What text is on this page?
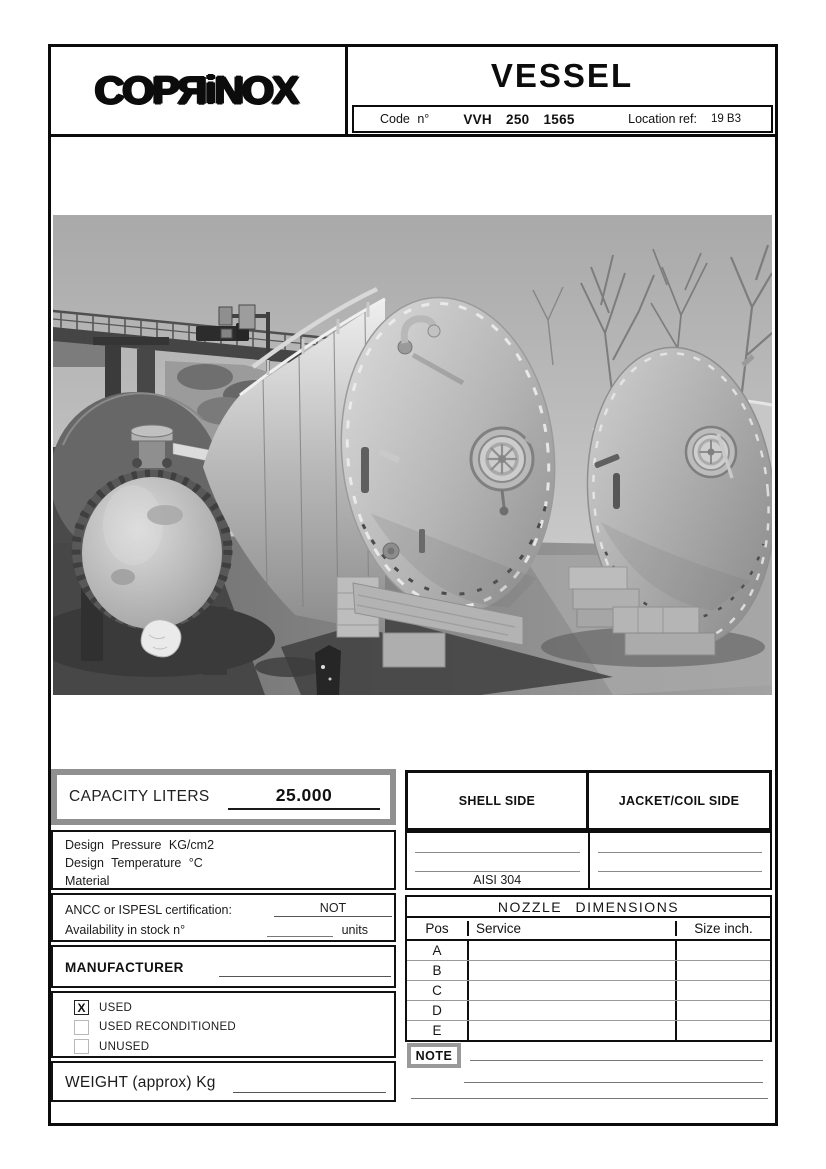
COPЯiNOX	VESSEL
Code n°	VVH 250 1565	Location ref: 19 B3
CAPACITY LITERS	25.000
Design Pressure KG/cm2
Design Temperature °C
Material
ANCC or ISPESL certification:	NOT
Availability in stock n°	units
MANUFACTURER
X USED
USED RECONDITIONED
UNUSED
WEIGHT (approx) Kg
SHELL SIDE	JACKET/COIL SIDE
AISI 304
NOZZLE DIMENSIONS
Pos	Service	Size inch.
A
B
C
D
E
NOTE
